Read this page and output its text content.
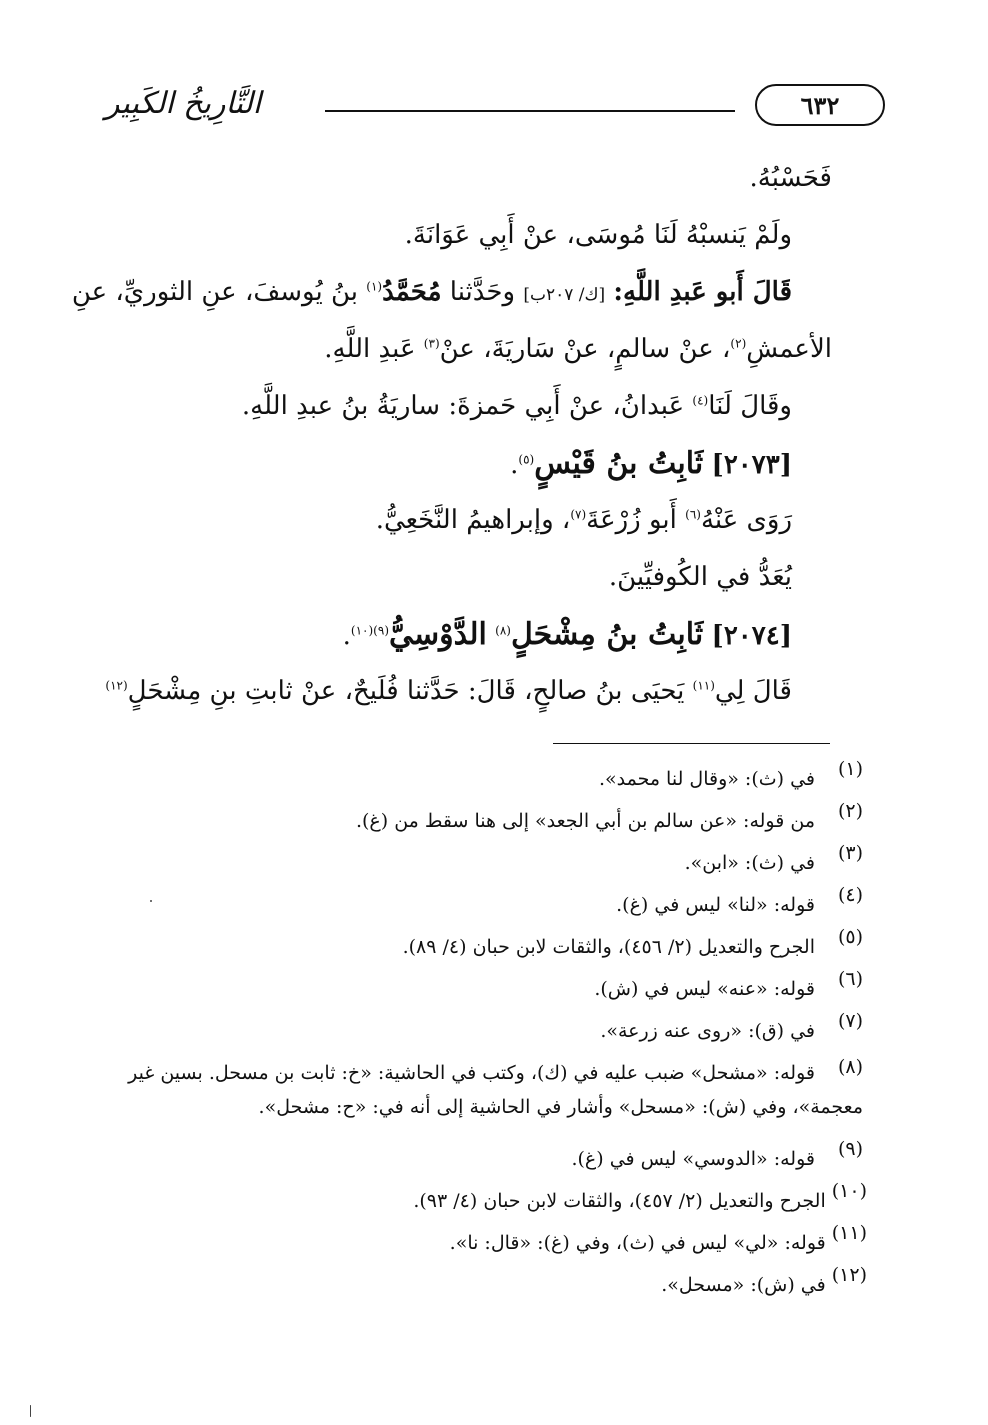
التَّارِيخُ الكَبِير	٦٣٢
فَحَسْبُهُ.
ولَمْ يَنسبْهُ لَنَا مُوسَى، عنْ أَبِي عَوَانَةَ.
قَالَ أَبو عَبدِ اللَّهِ: [ك/ ٢٠٧ب] وحَدَّثنا مُحَمَّدُ$^{(١)}$ بنُ يُوسفَ، عنِ الثوريِّ، عنِ
الأعمشِ$^{(٢)}$، عنْ سالمٍ، عنْ سَاريَةَ، عنْ$^{(٣)}$ عَبدِ اللَّهِ.
وقَالَ لَنَا$^{(٤)}$ عَبدانُ، عنْ أَبِي حَمزةَ: ساريَةُ بنُ عبدِ اللَّهِ.
[٢٠٧٣] ثَابِتُ بنُ قَيْسٍ$^{(٥)}$.
رَوَى عَنْهُ$^{(٦)}$ أَبو زُرْعَةَ$^{(٧)}$، وإبراهيمُ النَّخَعِيُّ.
يُعَدُّ في الكُوفيِّينَ.
[٢٠٧٤] ثَابِتُ بنُ مِشْحَلٍ$^{(٨)}$ الدَّوْسِيُّ$^{(٩)(١٠)}$.
قَالَ لِي$^{(١١)}$ يَحيَى بنُ صالحٍ، قَالَ: حَدَّثنا فُلَيحٌ، عنْ ثابتِ بنِ مِشْحَلٍ$^{(١٢)}$
(١)
في (ث): «وقال لنا محمد».
(٢)
من قوله: «عن سالم بن أبي الجعد» إلى هنا سقط من (غ).
(٣)
في (ث): «ابن».
(٤)
قوله: «لنا» ليس في (غ).
(٥)
الجرح والتعديل (٢/ ٤٥٦)، والثقات لابن حبان (٤/ ٨٩).
(٦)
قوله: «عنه» ليس في (ش).
(٧)
في (ق): «روى عنه زرعة».
(٨)
قوله: «مشحل» ضبب عليه في (ك)، وكتب في الحاشية: «خ: ثابت بن مسحل. بسين غير
معجمة»، وفي (ش): «مسحل» وأشار في الحاشية إلى أنه في: «ح: مشحل».
(٩)
قوله: «الدوسي» ليس في (غ).
(١٠)
الجرح والتعديل (٢/ ٤٥٧)، والثقات لابن حبان (٤/ ٩٣).
(١١)
قوله: «لي» ليس في (ث)، وفي (غ): «قال: نا».
(١٢)
في (ش): «مسحل».
